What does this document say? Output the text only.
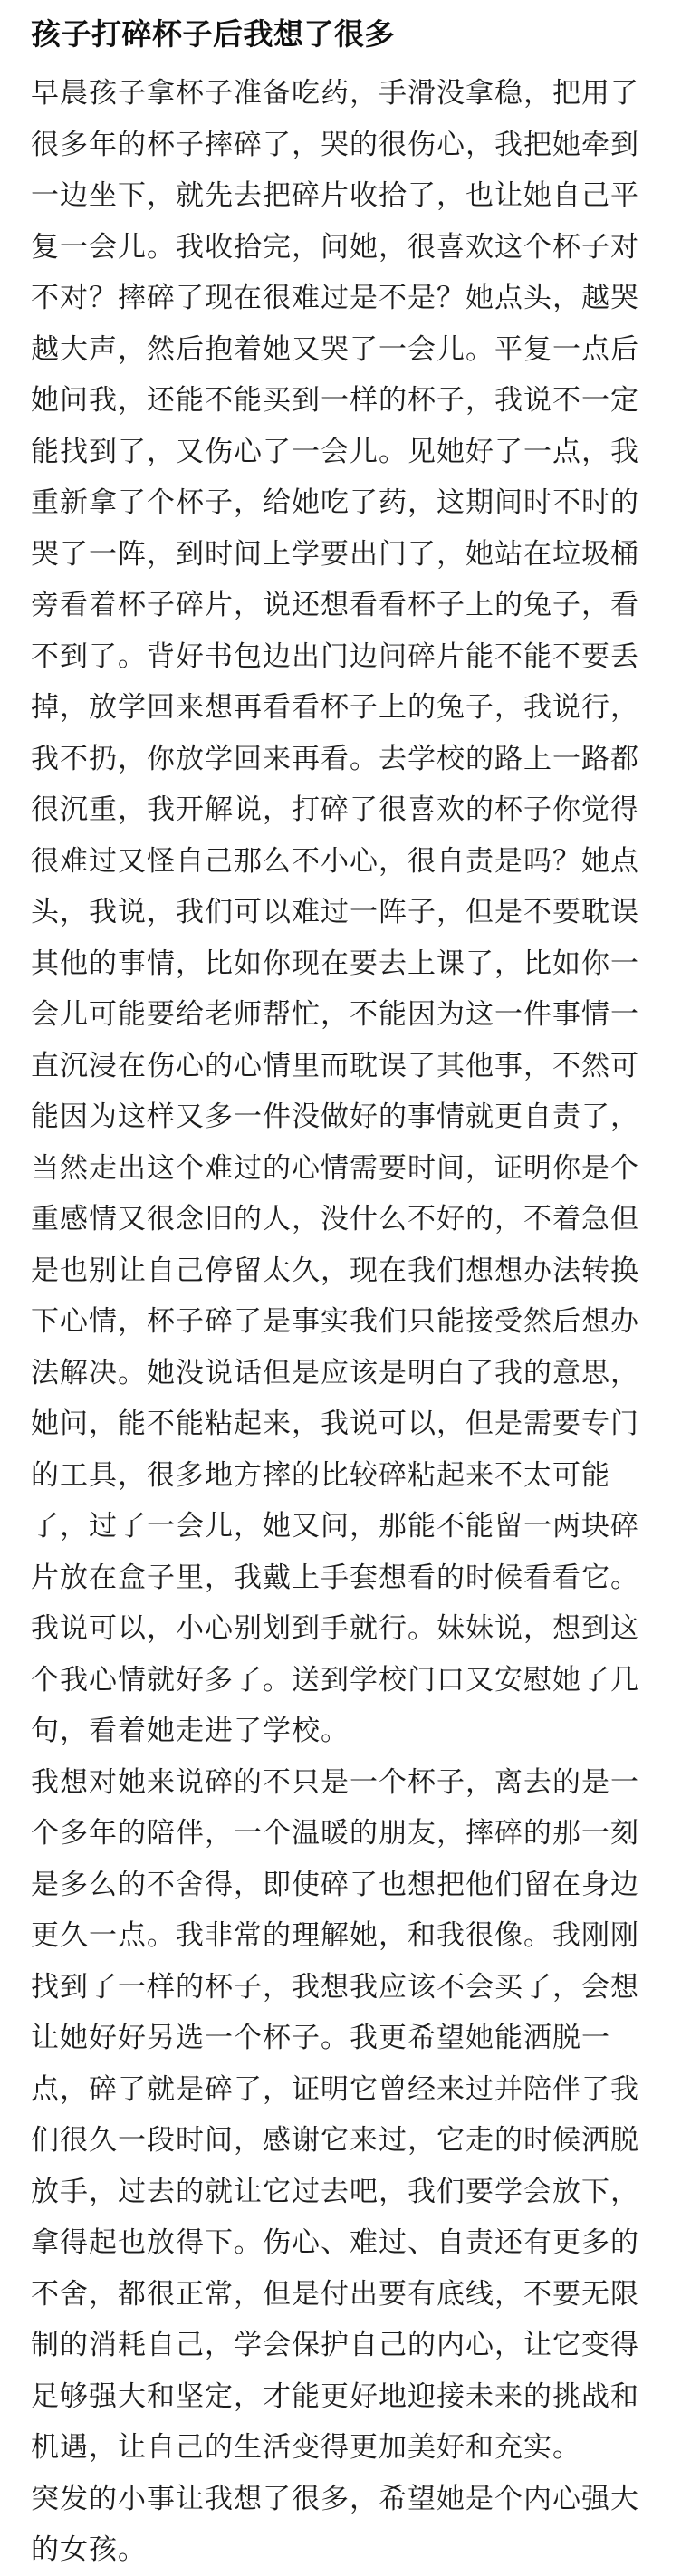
孩子打碎杯子后我想了很多

早晨孩子拿杯子准备吃药，手滑没拿稳，把用了很多年的杯子摔碎了，哭的很伤心，我把她牵到一边坐下，就先去把碎片收拾了，也让她自己平复一会儿。我收拾完，问她，很喜欢这个杯子对不对？摔碎了现在很难过是不是？她点头，越哭越大声，然后抱着她又哭了一会儿。平复一点后她问我，还能不能买到一样的杯子，我说不一定能找到了，又伤心了一会儿。见她好了一点，我重新拿了个杯子，给她吃了药，这期间时不时的哭了一阵，到时间上学要出门了，她站在垃圾桶旁看着杯子碎片，说还想看看杯子上的兔子，看不到了。背好书包边出门边问碎片能不能不要丢掉，放学回来想再看看杯子上的兔子，我说行，我不扔，你放学回来再看。去学校的路上一路都很沉重，我开解说，打碎了很喜欢的杯子你觉得很难过又怪自己那么不小心，很自责是吗？她点头，我说，我们可以难过一阵子，但是不要耽误其他的事情，比如你现在要去上课了，比如你一会儿可能要给老师帮忙，不能因为这一件事情一直沉浸在伤心的心情里而耽误了其他事，不然可能因为这样又多一件没做好的事情就更自责了，当然走出这个难过的心情需要时间，证明你是个重感情又很念旧的人，没什么不好的，不着急但是也别让自己停留太久，现在我们想想办法转换下心情，杯子碎了是事实我们只能接受然后想办法解决。她没说话但是应该是明白了我的意思，她问，能不能粘起来，我说可以，但是需要专门的工具，很多地方摔的比较碎粘起来不太可能了，过了一会儿，她又问，那能不能留一两块碎片放在盒子里，我戴上手套想看的时候看看它。我说可以，小心别划到手就行。妹妹说，想到这个我心情就好多了。送到学校门口又安慰她了几句，看着她走进了学校。

我想对她来说碎的不只是一个杯子，离去的是一个多年的陪伴，一个温暖的朋友，摔碎的那一刻是多么的不舍得，即使碎了也想把他们留在身边更久一点。我非常的理解她，和我很像。我刚刚找到了一样的杯子，我想我应该不会买了，会想让她好好另选一个杯子。我更希望她能洒脱一点，碎了就是碎了，证明它曾经来过并陪伴了我们很久一段时间，感谢它来过，它走的时候洒脱放手，过去的就让它过去吧，我们要学会放下，拿得起也放得下。伤心、难过、自责还有更多的不舍，都很正常，但是付出要有底线，不要无限制的消耗自己，学会保护自己的内心，让它变得足够强大和坚定，才能更好地迎接未来的挑战和机遇，让自己的生活变得更加美好和充实。

突发的小事让我想了很多，希望她是个内心强大的女孩。
